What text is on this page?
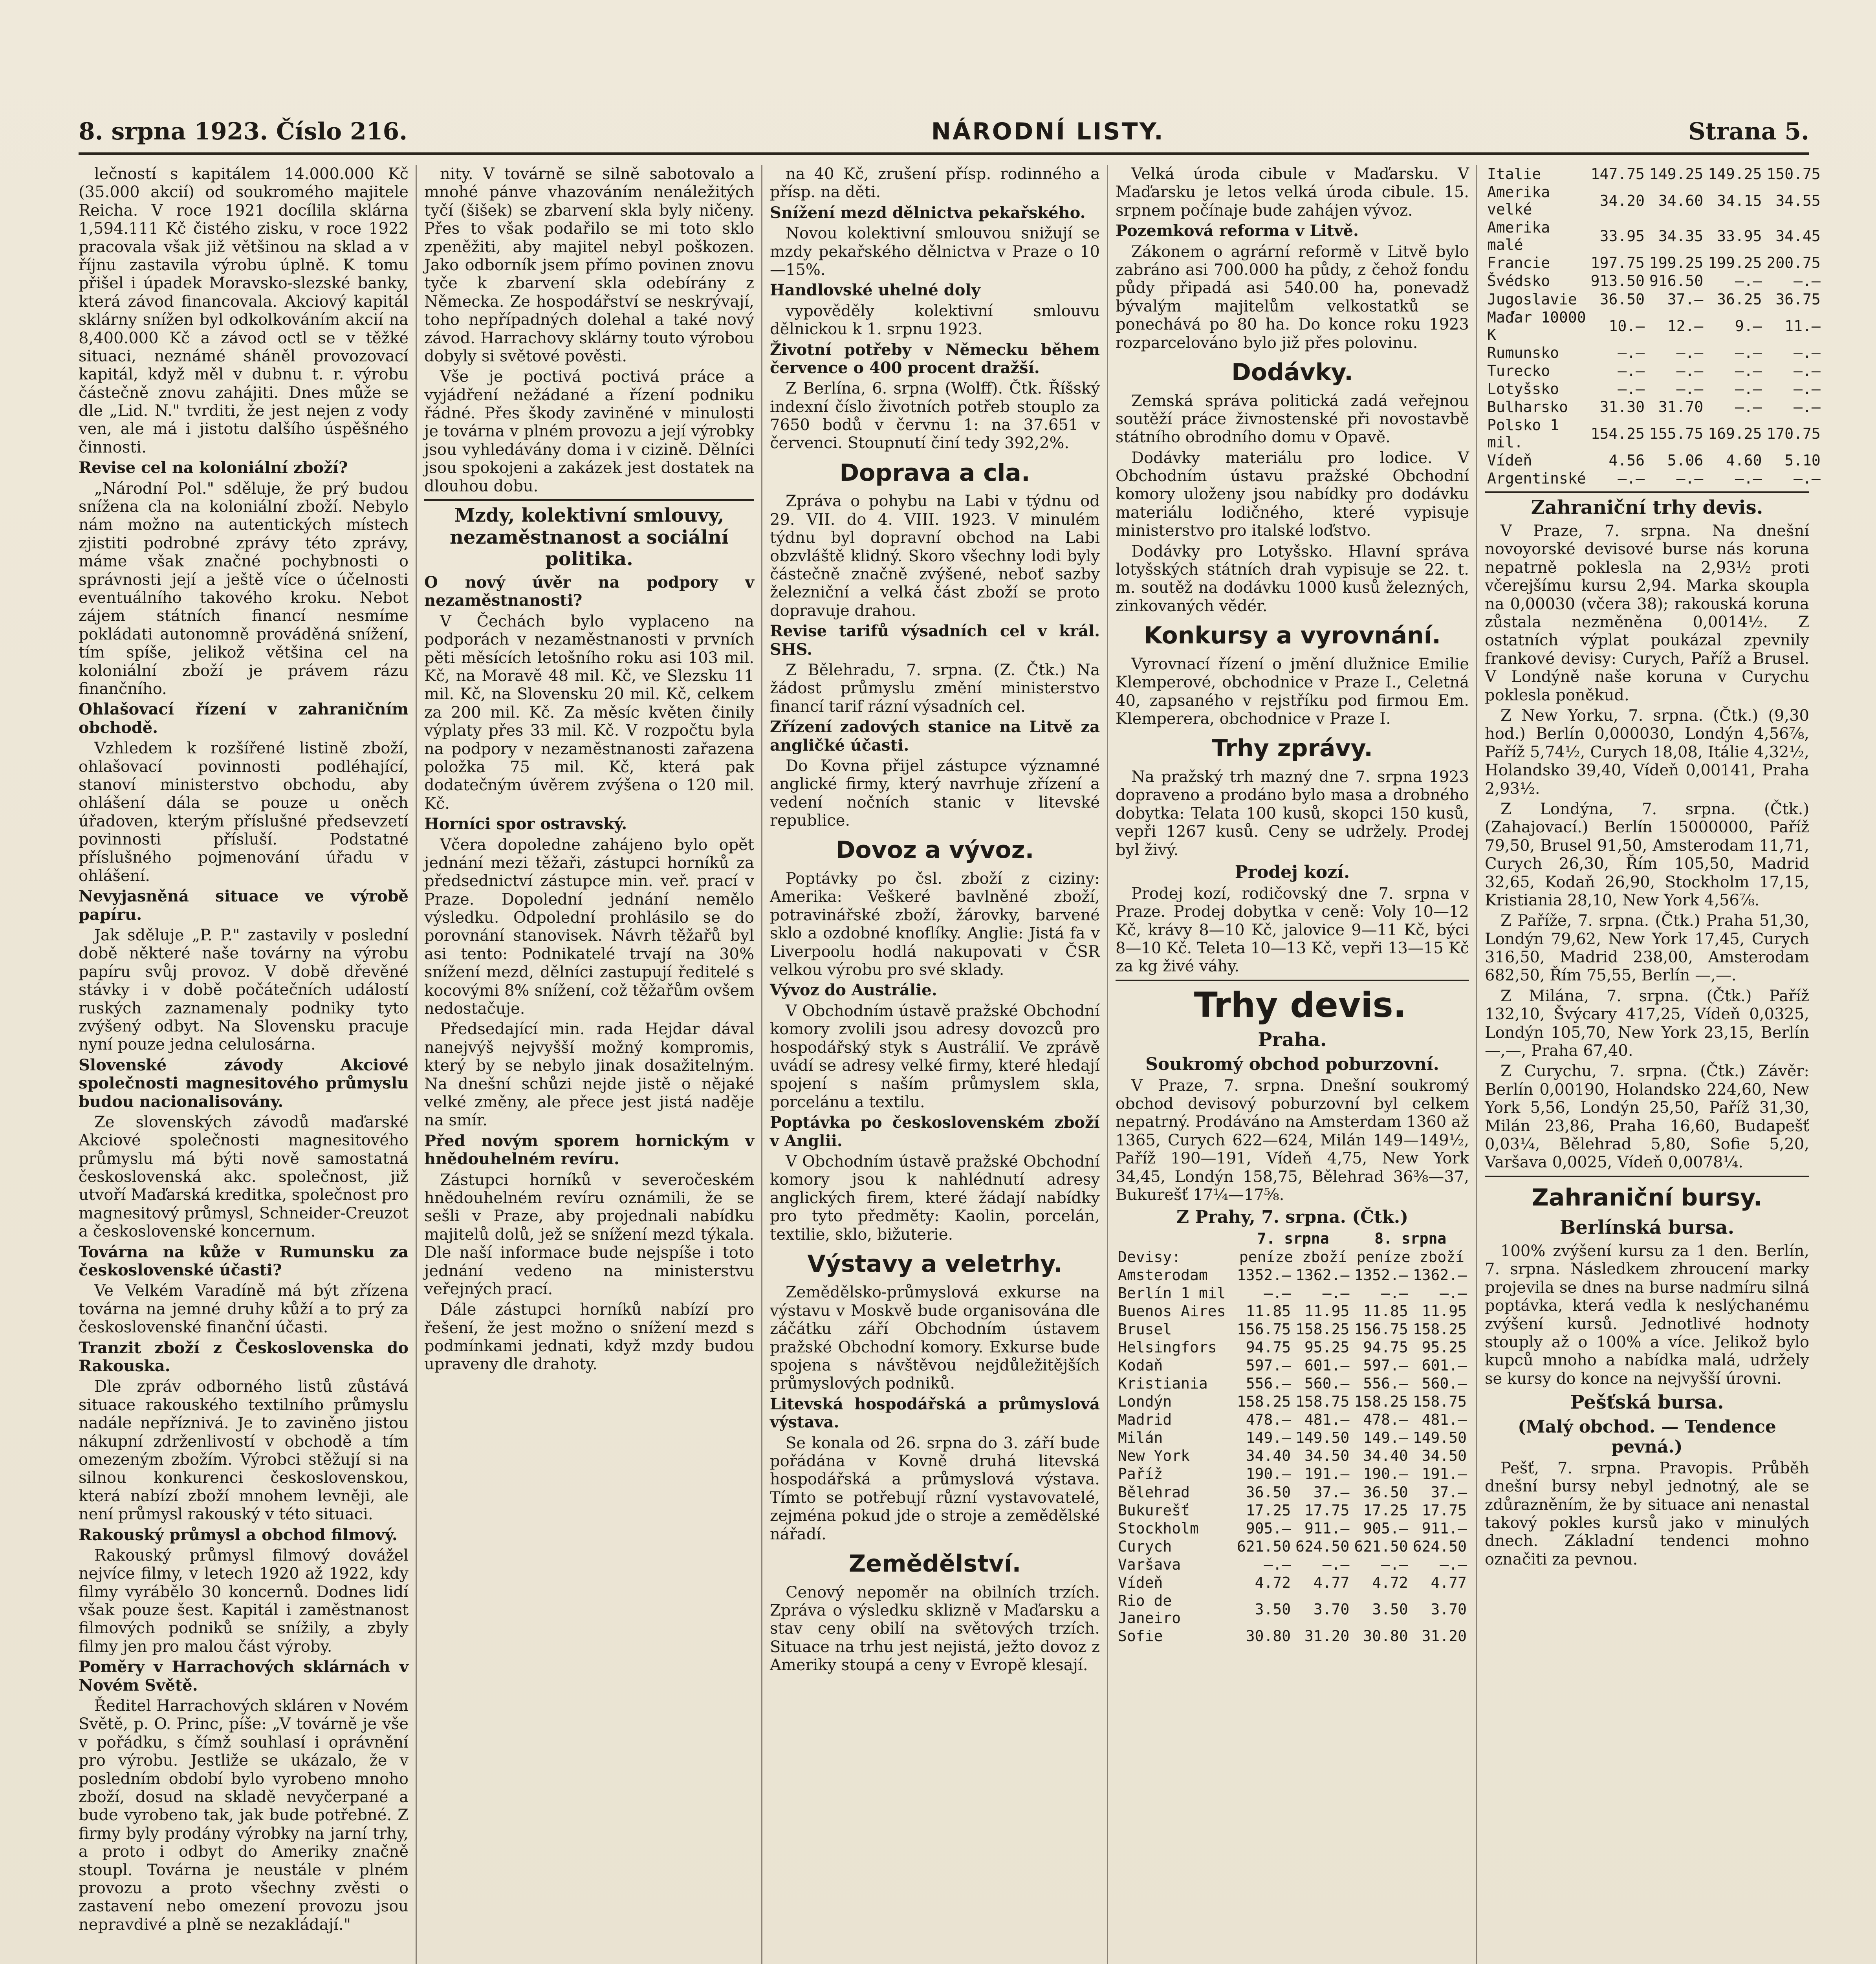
8. srpna 1923. Číslo 216.	NÁRODNÍ LISTY.	Strana 5.

lečností s kapitálem 14.000.000 Kč (35.000 akcií) od soukromého majitele Reicha. V roce 1921 docílila sklárna 1,594.111 Kč čistého zisku, v roce 1922 pracovala však již většinou na sklad a v říjnu zastavila výrobu úplně. K tomu přišel i úpadek Moravsko-slezské banky, která závod financovala. Akciový kapitál sklárny snížen byl odkolkováním akcií na 8,400.000 Kč a závod octl se v těžké situaci, neznámé sháněl provozovací kapitál, když měl v dubnu t. r. výrobu částečně znovu zahájiti. Dnes může se dle „Lid. N." tvrditi, že jest nejen z vody ven, ale má i jistotu dalšího úspěšného činnosti.

Revise cel na koloniální zboží?

„Národní Pol." sděluje, že prý budou snížena cla na koloniální zboží. Nebylo nám možno na autentických místech zjistiti podrobné zprávy této zprávy, máme však značné pochybnosti o správnosti její a ještě více o účelnosti eventuálního takového kroku. Nebot zájem státních financí nesmíme pokládati autonomně prováděná snížení, tím spíše, jelikož většina cel na koloniální zboží je právem rázu finančního.

Ohlašovací řízení v zahraničním obchodě.

Vzhledem k rozšířené listině zboží, ohlašovací povinnosti podléhající, stanoví ministerstvo obchodu, aby ohlášení dála se pouze u oněch úřadoven, kterým příslušné předsevzetí povinnosti přísluší. Podstatné příslušného pojmenování úřadu v ohlášení.

Nevyjasněná situace ve výrobě papíru.

Jak sděluje „P. P." zastavily v poslední době některé naše továrny na výrobu papíru svůj provoz. V době dřevěné stávky i v době počátečních událostí ruských zaznamenaly podniky tyto zvýšený odbyt. Na Slovensku pracuje nyní pouze jedna celulosárna.

Slovenské závody Akciové společnosti magnesitového průmyslu budou nacionalisovány.

Ze slovenských závodů maďarské Akciové společnosti magnesitového průmyslu má býti nově samostatná československá akc. společnost, již utvoří Maďarská kreditka, společnost pro magnesitový průmysl, Schneider-Creuzot a československé koncernum.

Továrna na kůže v Rumunsku za československé účasti?

Ve Velkém Varadíně má být zřízena továrna na jemné druhy kůží a to prý za československé finanční účasti.

Tranzit zboží z Československa do Rakouska.

Dle zpráv odborného listů zůstává situace rakouského textilního průmyslu nadále nepříznivá. Je to zaviněno jistou nákupní zdrženlivostí v obchodě a tím omezeným zbožím. Výrobci stěžují si na silnou konkurenci československou, která nabízí zboží mnohem levněji, ale není průmysl rakouský v této situaci.

Rakouský průmysl a obchod filmový.

Rakouský průmysl filmový dovážel nejvíce filmy, v letech 1920 až 1922, kdy filmy vyrábělo 30 koncernů. Dodnes lidí však pouze šest. Kapitál i zaměstnanost filmových podniků se snížily, a zbyly filmy jen pro malou část výroby.

Poměry v Harrachových sklárnách v Novém Světě.

Ředitel Harrachových skláren v Novém Světě, p. O. Princ, píše: „V továrně je vše v pořádku, s čímž souhlasí i oprávnění pro výrobu. Jestliže se ukázalo, že v posledním období bylo vyrobeno mnoho zboží, dosud na skladě nevyčerpané a bude vyrobeno tak, jak bude potřebné. Z firmy byly prodány výrobky na jarní trhy, a proto i odbyt do Ameriky značně stoupl. Továrna je neustále v plném provozu a proto všechny zvěsti o zastavení nebo omezení provozu jsou nepravdivé a plně se nezakládají."

nity. V továrně se silně sabotovalo a mnohé pánve vhazováním nenáležitých tyčí (šišek) se zbarvení skla byly ničeny. Přes to však podařilo se mi toto sklo zpeněžiti, aby majitel nebyl poškozen. Jako odborník jsem přímo povinen znovu tyče k zbarvení skla odebírány z Německa. Ze hospodářství se neskrývají, toho nepřípadných dolehal a také nový závod. Harrachovy sklárny touto výrobou dobyly si světové pověsti.

Vše je poctivá poctivá práce a vyjádření nežádané a řízení podniku řádné. Přes škody zaviněné v minulosti je továrna v plném provozu a její výrobky jsou vyhledávány doma i v cizině. Dělníci jsou spokojeni a zakázek jest dostatek na dlouhou dobu.

Mzdy, kolektivní smlouvy, nezaměstnanost a sociální politika.

O nový úvěr na podpory v nezaměstnanosti?

V Čechách bylo vyplaceno na podporách v nezaměstnanosti v prvních pěti měsících letošního roku asi 103 mil. Kč, na Moravě 48 mil. Kč, ve Slezsku 11 mil. Kč, na Slovensku 20 mil. Kč, celkem za 200 mil. Kč. Za měsíc květen činily výplaty přes 33 mil. Kč. V rozpočtu byla na podpory v nezaměstnanosti zařazena položka 75 mil. Kč, která pak dodatečným úvěrem zvýšena o 120 mil. Kč.

Horníci spor ostravský.

Včera dopoledne zahájeno bylo opět jednání mezi těžaři, zástupci horníků za předsednictví zástupce min. veř. prací v Praze. Dopolední jednání nemělo výsledku. Odpolední prohlásilo se do porovnání stanovisek. Návrh těžařů byl asi tento: Podnikatelé trvají na 30% snížení mezd, dělníci zastupují ředitelé s kocovými 8% snížení, což těžařům ovšem nedostačuje.

Předsedající min. rada Hejdar dával nanejvýš nejvyšší možný kompromis, který by se nebylo jinak dosažitelným. Na dnešní schůzi nejde jistě o nějaké velké změny, ale přece jest jistá naděje na smír.

Před novým sporem hornickým v hnědouhelném revíru.

Zástupci horníků v severočeském hnědouhelném revíru oznámili, že se sešli v Praze, aby projednali nabídku majitelů dolů, jež se snížení mezd týkala. Dle naší informace bude nejspíše i toto jednání vedeno na ministerstvu veřejných prací.

Dále zástupci horníků nabízí pro řešení, že jest možno o snížení mezd s podmínkami jednati, když mzdy budou upraveny dle drahoty.

na 40 Kč, zrušení přísp. rodinného a přísp. na děti.

Snížení mezd dělnictva pekařského.

Novou kolektivní smlouvou snižují se mzdy pekařského dělnictva v Praze o 10—15%.

Handlovské uhelné doly

vypověděly kolektivní smlouvu dělnickou k 1. srpnu 1923.

Životní potřeby v Německu během července o 400 procent dražší.

Z Berlína, 6. srpna (Wolff). Čtk. Říšský indexní číslo životních potřeb stouplo za 7650 bodů v červnu 1: na 37.651 v červenci. Stoupnutí činí tedy 392,2%.

Doprava a cla.

Zpráva o pohybu na Labi v týdnu od 29. VII. do 4. VIII. 1923. V minulém týdnu byl dopravní obchod na Labi obzvláště klidný. Skoro všechny lodi byly částečně značně zvýšené, neboť sazby železniční a velká část zboží se proto dopravuje drahou.

Revise tarifů výsadních cel v král. SHS.

Z Bělehradu, 7. srpna. (Z. Čtk.) Na žádost průmyslu změní ministerstvo financí tarif rázní výsadních cel.

Zřízení zadových stanice na Litvě za angličké účasti.

Do Kovna přijel zástupce významné anglické firmy, který navrhuje zřízení a vedení nočních stanic v litevské republice.

Dovoz a vývoz.

Poptávky po čsl. zboží z ciziny: Amerika: Veškeré bavlněné zboží, potravinářské zboží, žárovky, barvené sklo a ozdobné knoflíky. Anglie: Jistá fa v Liverpoolu hodlá nakupovati v ČSR velkou výrobu pro své sklady.

Vývoz do Austrálie.

V Obchodním ústavě pražské Obchodní komory zvolili jsou adresy dovozců pro hospodářský styk s Austrálií. Ve zprávě uvádí se adresy velké firmy, které hledají spojení s naším průmyslem skla, porcelánu a textilu.

Poptávka po československém zboží v Anglii.

V Obchodním ústavě pražské Obchodní komory jsou k nahlédnutí adresy anglických firem, které žádají nabídky pro tyto předměty: Kaolin, porcelán, textilie, sklo, bižuterie.

Výstavy a veletrhy.

Zemědělsko-průmyslová exkurse na výstavu v Moskvě bude organisována dle záčátku září Obchodním ústavem pražské Obchodní komory. Exkurse bude spojena s návštěvou nejdůležitějších průmyslových podniků.

Litevská hospodářská a průmyslová výstava.

Se konala od 26. srpna do 3. září bude pořádána v Kovně druhá litevská hospodářská a průmyslová výstava. Tímto se potřebují různí vystavovatelé, zejména pokud jde o stroje a zemědělské nářadí.

Zemědělství.

Cenový nepoměr na obilních trzích. Zpráva o výsledku sklizně v Maďarsku a stav ceny obilí na světových trzích. Situace na trhu jest nejistá, ježto dovoz z Ameriky stoupá a ceny v Evropě klesají.

Velká úroda cibule v Maďarsku. V Maďarsku je letos velká úroda cibule. 15. srpnem počínaje bude zahájen vývoz.

Pozemková reforma v Litvě.

Zákonem o agrární reformě v Litvě bylo zabráno asi 700.000 ha půdy, z čehož fondu půdy připadá asi 540.00 ha, ponevadž bývalým majitelům velkostatků se ponechává po 80 ha. Do konce roku 1923 rozparcelováno bylo již přes polovinu.

Dodávky.

Zemská správa politická zadá veřejnou soutěží práce živnostenské při novostavbě státního obrodního domu v Opavě.

Dodávky materiálu pro lodice. V Obchodním ústavu pražské Obchodní komory uloženy jsou nabídky pro dodávku materiálu lodičného, které vypisuje ministerstvo pro italské loďstvo.

Dodávky pro Lotyšsko. Hlavní správa lotyšských státních drah vypisuje se 22. t. m. soutěž na dodávku 1000 kusů železných, zinkovaných vědér.

Konkursy a vyrovnání.

Vyrovnací řízení o jmění dlužnice Emilie Klemperové, obchodnice v Praze I., Celetná 40, zapsaného v rejstříku pod firmou Em. Klemperera, obchodnice v Praze I.

Trhy zprávy.

Na pražský trh mazný dne 7. srpna 1923 dopraveno a prodáno bylo masa a drobného dobytka: Telata 100 kusů, skopci 150 kusů, vepři 1267 kusů. Ceny se udržely. Prodej byl živý.

Prodej kozí.

Prodej kozí, rodičovský dne 7. srpna v Praze. Prodej dobytka v ceně: Voly 10—12 Kč, krávy 8—10 Kč, jalovice 9—11 Kč, býci 8—10 Kč. Teleta 10—13 Kč, vepři 13—15 Kč za kg živé váhy.

Trhy devis.

Praha.
Soukromý obchod poburzovní.

V Praze, 7. srpna. Dnešní soukromý obchod devisový poburzovní byl celkem nepatrný. Prodáváno na Amsterdam 1360 až 1365, Curych 622—624, Milán 149—149½, Paříž 190—191, Vídeň 4,75, New York 34,45, Londýn 158,75, Bělehrad 36⅜—37, Bukurešť 17¼—17⅝.

Z Prahy, 7. srpna. (Čtk.)
	7. srpna		8. srpna	
Devisy:	peníze zboží		peníze zboží	
Amsterodam	1352.—	1362.—	1352.—	1362.—
Berlín 1 mil	—.—	—.—	—.—	—.—
Buenos Aires	11.85	11.95	11.85	11.95
Brusel	156.75	158.25	156.75	158.25
Helsingfors	94.75	95.25	94.75	95.25
Kodaň	597.—	601.—	597.—	601.—
Kristiania	556.—	560.—	556.—	560.—
Londýn	158.25	158.75	158.25	158.75
Madrid	478.—	481.—	478.—	481.—
Milán	149.—	149.50	149.—	149.50
New York	34.40	34.50	34.40	34.50
Paříž	190.—	191.—	190.—	191.—
Bělehrad	36.50	37.—	36.50	37.—
Bukurešť	17.25	17.75	17.25	17.75
Stockholm	905.—	911.—	905.—	911.—
Curych	621.50	624.50	621.50	624.50
Varšava	—.—	—.—	—.—	—.—
Vídeň	4.72	4.77	4.72	4.77
Rio de Janeiro	3.50	3.70	3.50	3.70
Sofie	30.80	31.20	30.80	31.20
Italie	147.75	149.25	149.25	150.75
Amerika velké	34.20	34.60	34.15	34.55
Amerika malé	33.95	34.35	33.95	34.45
Francie	197.75	199.25	199.25	200.75
Švédsko	913.50	916.50	—.—	—.—
Jugoslavie	36.50	37.—	36.25	36.75
Maďar 10000 K	10.—	12.—	9.—	11.—
Rumunsko	—.—	—.—	—.—	—.—
Turecko	—.—	—.—	—.—	—.—
Lotyšsko	—.—	—.—	—.—	—.—
Bulharsko	31.30	31.70	—.—	—.—
Polsko 1 mil.	154.25	155.75	169.25	170.75
Vídeň	4.56	5.06	4.60	5.10
Argentinské	—.—	—.—	—.—	—.—
Zahraniční trhy devis.

V Praze, 7. srpna. Na dnešní novoyorské devisové burse nás koruna nepatrně poklesla na 2,93½ proti včerejšímu kursu 2,94. Marka skoupla na 0,00030 (včera 38); rakouská koruna zůstala nezměněna 0,0014½. Z ostatních výplat poukázal zpevnily frankové devisy: Curych, Paříž a Brusel. V Londýně naše koruna v Curychu poklesla poněkud.

Z New Yorku, 7. srpna. (Čtk.) (9,30 hod.) Berlín 0,000030, Londýn 4,56⅞, Paříž 5,74½, Curych 18,08, Itálie 4,32½, Holandsko 39,40, Vídeň 0,00141, Praha 2,93½.

Z Londýna, 7. srpna. (Čtk.) (Zahajovací.) Berlín 15000000, Paříž 79,50, Brusel 91,50, Amsterodam 11,71, Curych 26,30, Řím 105,50, Madrid 32,65, Kodaň 26,90, Stockholm 17,15, Kristiania 28,10, New York 4,56⅞.

Z Paříže, 7. srpna. (Čtk.) Praha 51,30, Londýn 79,62, New York 17,45, Curych 316,50, Madrid 238,00, Amsterodam 682,50, Řím 75,55, Berlín —,—.

Z Milána, 7. srpna. (Čtk.) Paříž 132,10, Švýcary 417,25, Vídeň 0,0325, Londýn 105,70, New York 23,15, Berlín —,—, Praha 67,40.

Z Curychu, 7. srpna. (Čtk.) Závěr: Berlín 0,00190, Holandsko 224,60, New York 5,56, Londýn 25,50, Paříž 31,30, Milán 23,86, Praha 16,60, Budapešť 0,03¼, Bělehrad 5,80, Sofie 5,20, Varšava 0,0025, Vídeň 0,0078¼.

Zahraniční bursy.
Berlínská bursa.

100% zvýšení kursu za 1 den. Berlín, 7. srpna. Následkem zhroucení marky projevila se dnes na burse nadmíru silná poptávka, která vedla k neslýchanému zvýšení kursů. Jednotlivé hodnoty stouply až o 100% a více. Jelikož bylo kupců mnoho a nabídka malá, udržely se kursy do konce na nejvyšší úrovni.

Pešťská bursa.
(Malý obchod. — Tendence pevná.)

Pešť, 7. srpna. Pravopis. Průběh dnešní bursy nebyl jednotný, ale se zdůrazněním, že by situace ani nenastal takový pokles kursů jako v minulých dnech. Základní tendenci mohno označiti za pevnou.
